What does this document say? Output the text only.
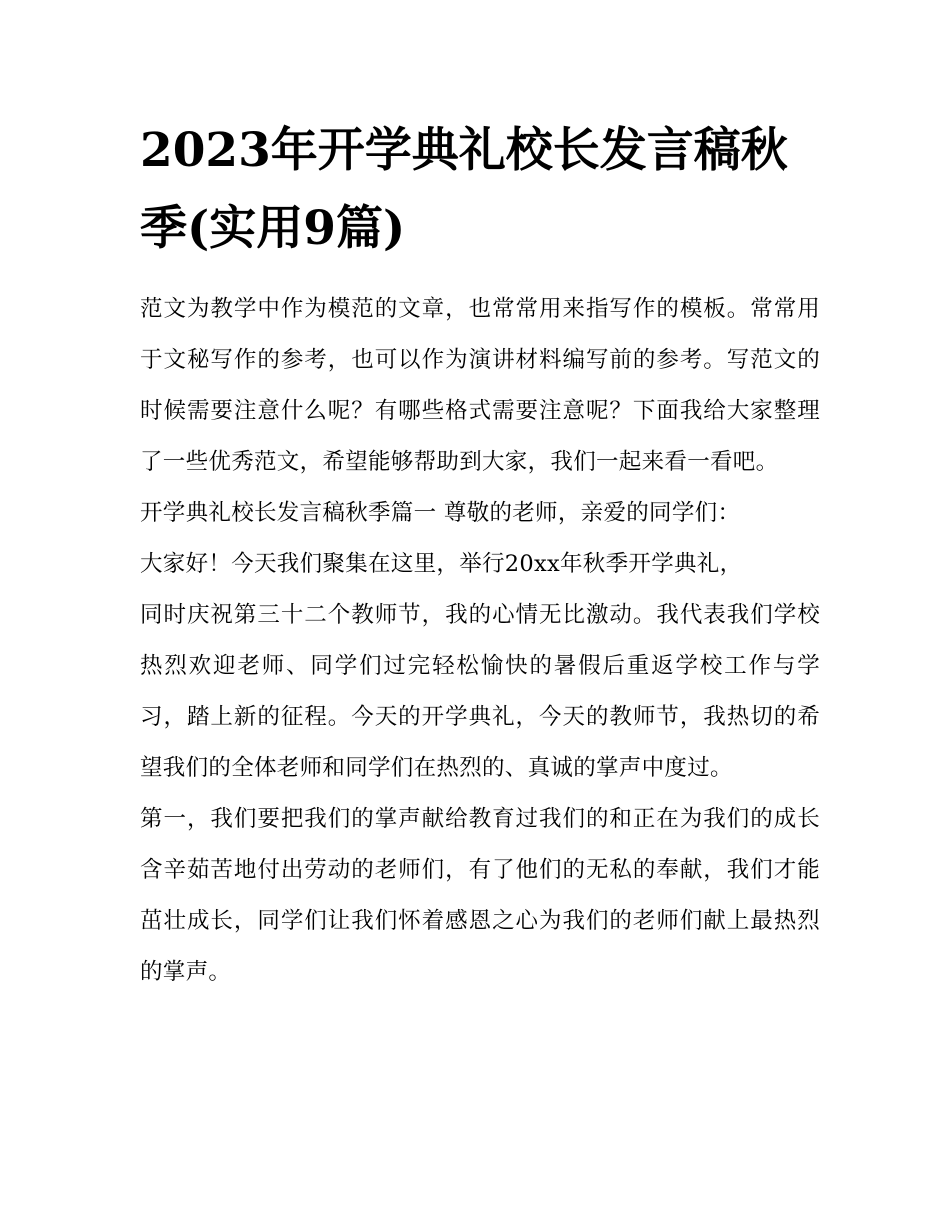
2023年开学典礼校长发言稿秋季(实用9篇)

范文为教学中作为模范的文章，也常常用来指写作的模板。常常用于文秘写作的参考，也可以作为演讲材料编写前的参考。写范文的时候需要注意什么呢？有哪些格式需要注意呢？下面我给大家整理了一些优秀范文，希望能够帮助到大家，我们一起来看一看吧。

开学典礼校长发言稿秋季篇一 尊敬的老师，亲爱的同学们：

大家好！今天我们聚集在这里，举行20xx年秋季开学典礼，

同时庆祝第三十二个教师节，我的心情无比激动。我代表我们学校热烈欢迎老师、同学们过完轻松愉快的暑假后重返学校工作与学习，踏上新的征程。今天的开学典礼，今天的教师节，我热切的希望我们的全体老师和同学们在热烈的、真诚的掌声中度过。

第一，我们要把我们的掌声献给教育过我们的和正在为我们的成长含辛茹苦地付出劳动的老师们，有了他们的无私的奉献，我们才能茁壮成长，同学们让我们怀着感恩之心为我们的老师们献上最热烈的掌声。
